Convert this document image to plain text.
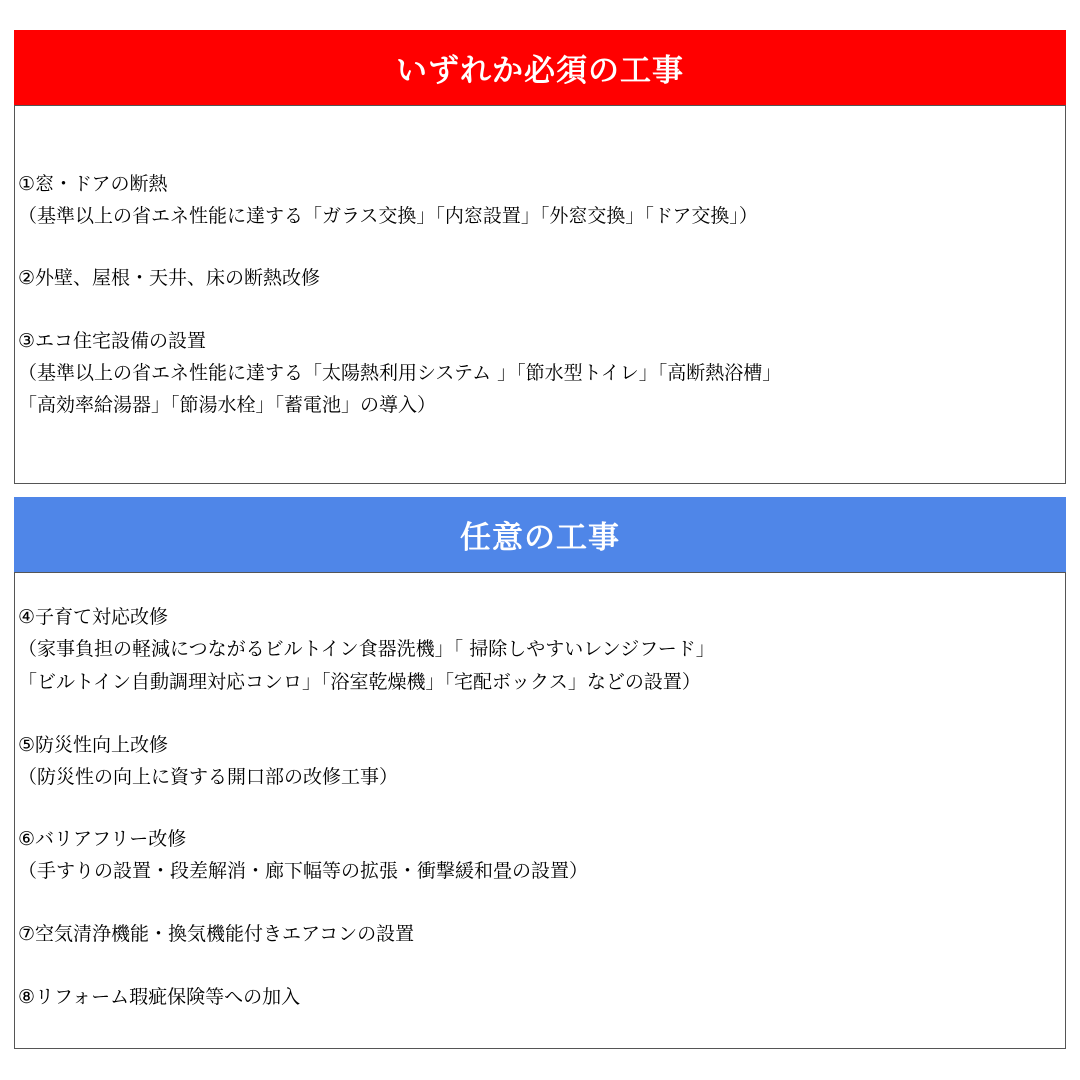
いずれか必須の工事
①窓・ドアの断熱
（基準以上の省エネ性能に達する「ガラス交換」「内窓設置」「外窓交換」「ドア交換」）
②外壁、屋根・天井、床の断熱改修
③エコ住宅設備の設置
（基準以上の省エネ性能に達する「太陽熱利用システム 」「節水型トイレ」「高断熱浴槽」
「高効率給湯器」「節湯水栓」「蓄電池」の導入）
任意の工事
④子育て対応改修
（家事負担の軽減につながるビルトイン食器洗機」「 掃除しやすいレンジフード」
「ビルトイン自動調理対応コンロ」「浴室乾燥機」「宅配ボックス」などの設置）
⑤防災性向上改修
（防災性の向上に資する開口部の改修工事）
⑥バリアフリー改修
（手すりの設置・段差解消・廊下幅等の拡張・衝撃緩和畳の設置）
⑦空気清浄機能・換気機能付きエアコンの設置
⑧リフォーム瑕疵保険等への加入
